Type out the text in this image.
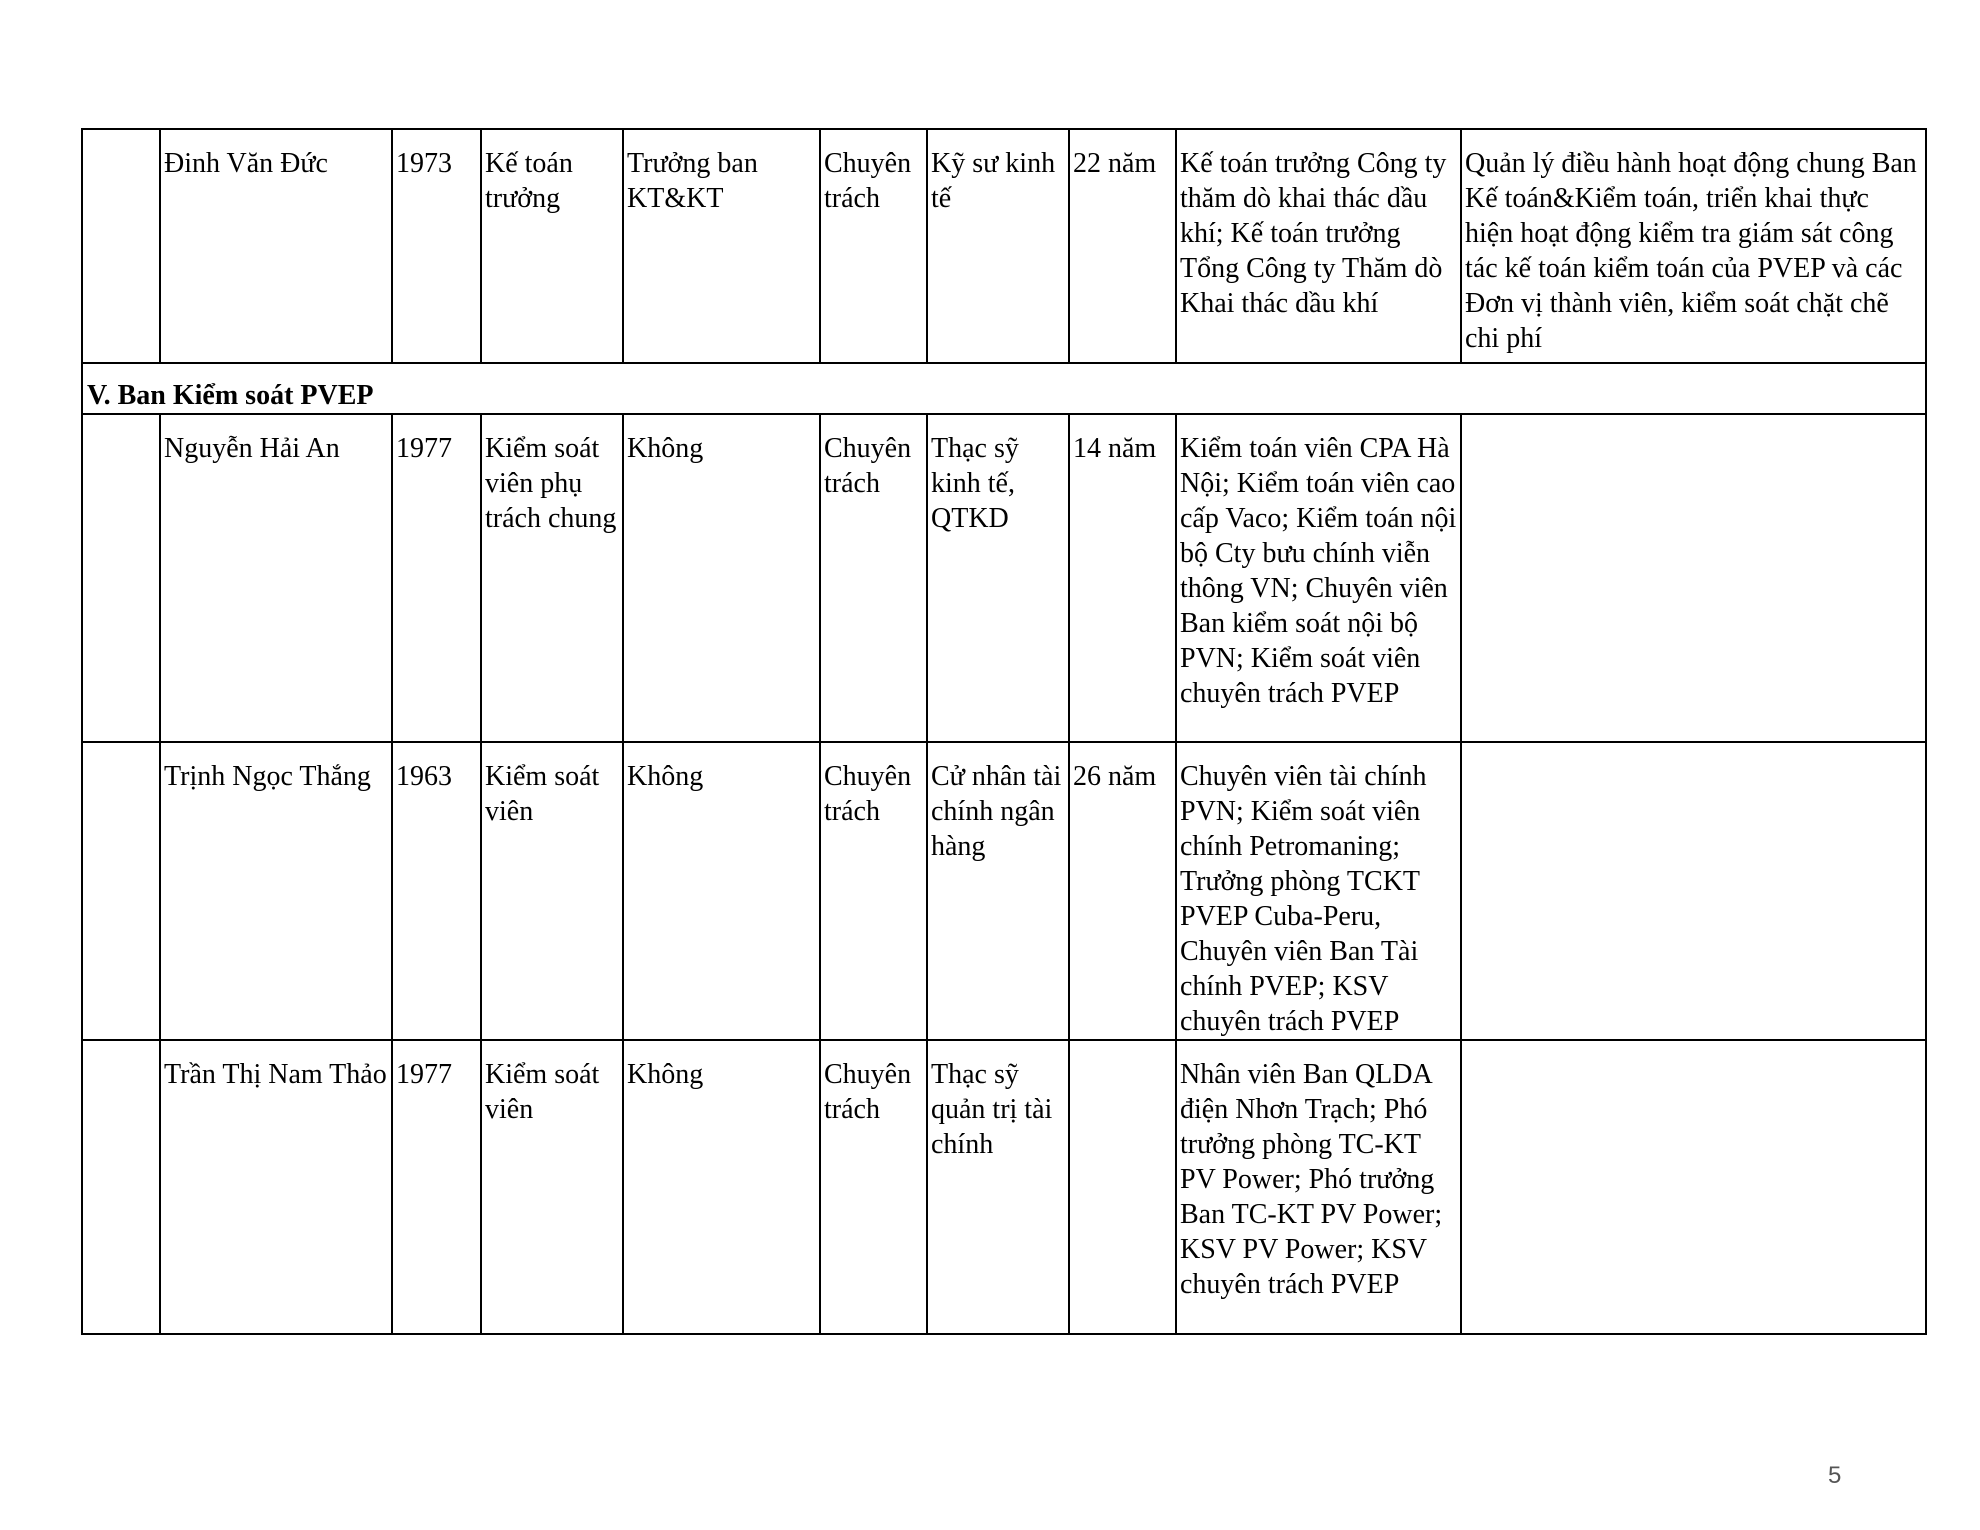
	Đinh Văn Đức	1973	Kế toán trưởng	Trưởng ban KT&KT	Chuyên trách	Kỹ sư kinh tế	22 năm	Kế toán trưởng Công ty thăm dò khai thác dầu khí; Kế toán trưởng Tổng Công ty Thăm dò Khai thác dầu khí	Quản lý điều hành hoạt động chung Ban Kế toán&Kiểm toán, triển khai thực hiện hoạt động kiểm tra giám sát công tác kế toán kiểm toán của PVEP và các Đơn vị thành viên, kiểm soát chặt chẽ chi phí
V. Ban Kiểm soát PVEP									
	Nguyễn Hải An	1977	Kiểm soát viên phụ trách chung	Không	Chuyên trách	Thạc sỹ kinh tế, QTKD	14 năm	Kiểm toán viên CPA Hà Nội; Kiểm toán viên cao cấp Vaco; Kiểm toán nội bộ Cty bưu chính viễn thông VN; Chuyên viên Ban kiểm soát nội bộ PVN; Kiểm soát viên chuyên trách PVEP	
	Trịnh Ngọc Thắng	1963	Kiểm soát viên	Không	Chuyên trách	Cử nhân tài chính ngân hàng	26 năm	Chuyên viên tài chính PVN; Kiểm soát viên chính Petromaning; Trưởng phòng TCKT PVEP Cuba-Peru, Chuyên viên Ban Tài chính PVEP; KSV chuyên trách PVEP	
	Trần Thị Nam Thảo	1977	Kiểm soát viên	Không	Chuyên trách	Thạc sỹ quản trị tài chính		Nhân viên Ban QLDA điện Nhơn Trạch; Phó trưởng phòng TC-KT PV Power; Phó trưởng Ban TC-KT PV Power; KSV PV Power; KSV chuyên trách PVEP	
5
